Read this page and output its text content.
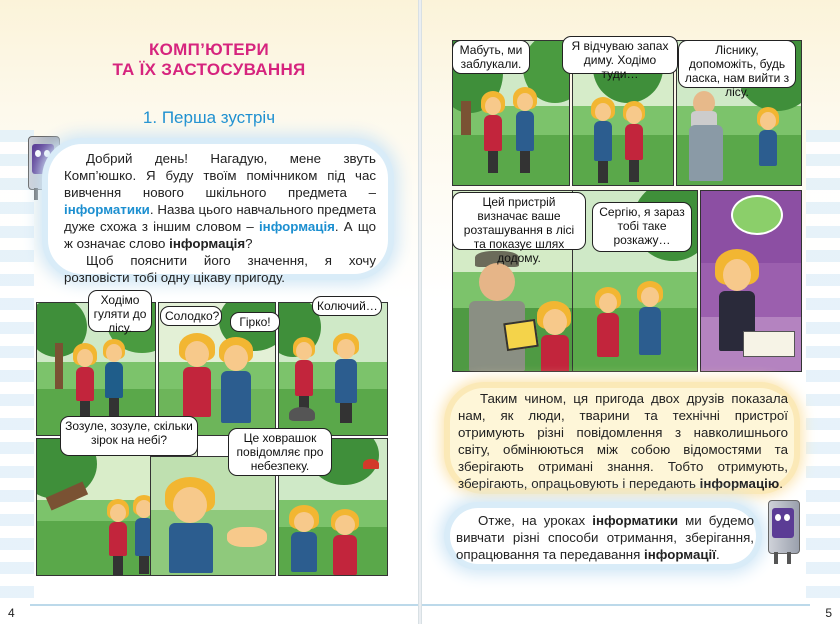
КОМП’ЮТЕРИ
ТА ЇХ ЗАСТОСУВАННЯ
1. Перша зустріч

Добрий день! Нагадую, мене звуть Комп’юшко. Я буду твоїм помічником під час вивчення нового шкільного предмета – інформатики. Назва цього навчального предмета дуже схожа з іншим словом – інформація. А що ж означає слово інформація?

Щоб пояснити його значення, я хочу розповісти тобі одну цікаву пригоду.

Ходімо гуляти до лісу.
Солодко?	Гірко!
Колючий…
Зозуле, зозуле, скільки зірок на небі?	Це ховрашок повідомляє про небезпеку.
4
Мабуть, ми заблукали.
Я відчуваю запах диму. Ходімо туди…
Ліснику, допоможіть, будь ласка, нам вийти з лісу.
Цей пристрій визначає ваше розташування в лісі та показує шлях додому.
Сергію, я зараз тобі таке розкажу…

Таким чином, ця пригода двох друзів показала нам, як люди, тварини та технічні пристрої отримують різні повідомлення з навколишнього світу, обмінюються між собою відомостями та зберігають отримані знання. Тобто отримують, зберігають, опрацьовують і передають інформацію.

Отже, на уроках інформатики ми будемо вивчати різні способи отримання, зберігання, опрацювання та передавання інформації.

5
